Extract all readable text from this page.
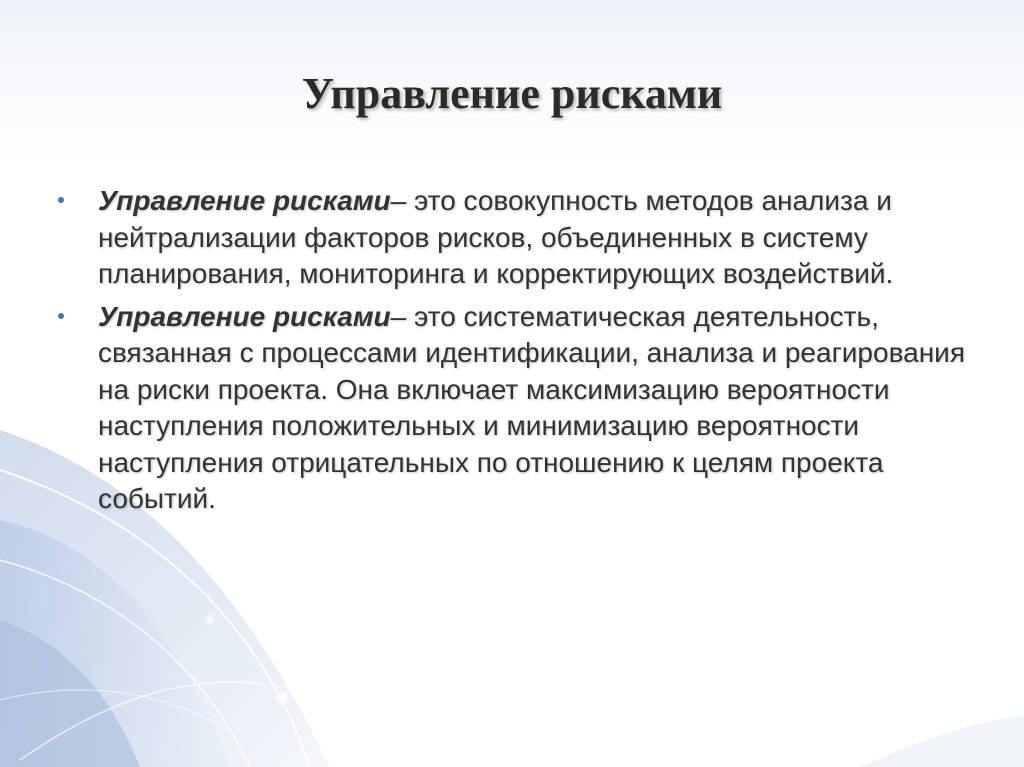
Управление рисками
Управление рисками– это совокупность методов анализа и нейтрализации факторов рисков, объединенных в систему планирования, мониторинга и корректирующих воздействий.
Управление рисками– это систематическая деятельность, связанная с процессами идентификации, анализа и реагирования на риски проекта. Она включает максимизацию вероятности наступления положительных и минимизацию вероятности наступления отрицательных по отношению к целям проекта событий.
